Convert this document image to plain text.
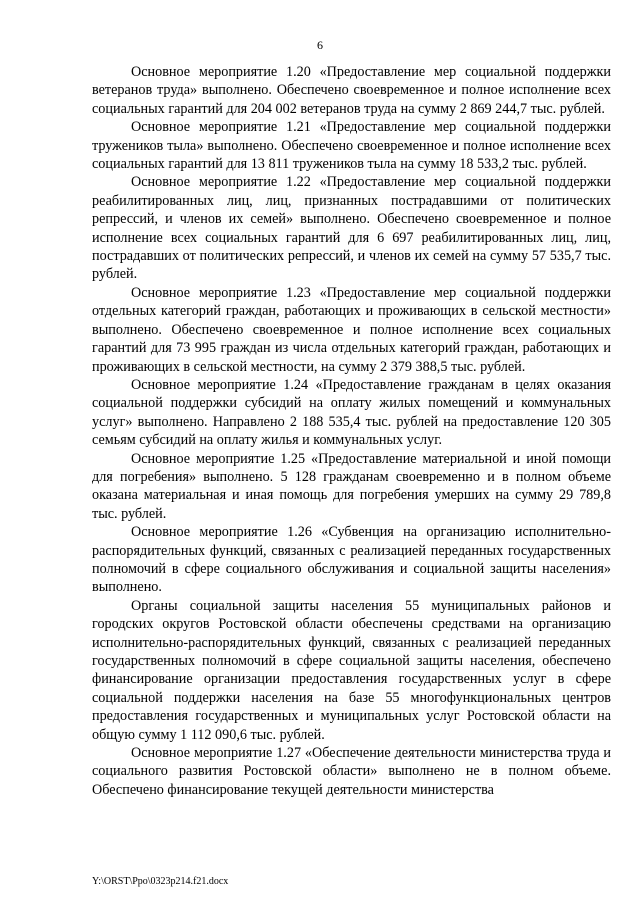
6

Основное мероприятие 1.20 «Предоставление мер социальной поддержки ветеранов труда» выполнено. Обеспечено своевременное и полное исполнение всех социальных гарантий для 204 002 ветеранов труда на сумму 2 869 244,7 тыс. рублей.

Основное мероприятие 1.21 «Предоставление мер социальной поддержки тружеников тыла» выполнено. Обеспечено своевременное и полное исполнение всех социальных гарантий для 13 811 тружеников тыла на сумму 18 533,2 тыс. рублей.

Основное мероприятие 1.22 «Предоставление мер социальной поддержки реабилитированных лиц, лиц, признанных пострадавшими от политических репрессий, и членов их семей» выполнено. Обеспечено своевременное и полное исполнение всех социальных гарантий для 6 697 реабилитированных лиц, лиц, пострадавших от политических репрессий, и членов их семей на сумму 57 535,7 тыс. рублей.

Основное мероприятие 1.23 «Предоставление мер социальной поддержки отдельных категорий граждан, работающих и проживающих в сельской местности» выполнено. Обеспечено своевременное и полное исполнение всех социальных гарантий для 73 995 граждан из числа отдельных категорий граждан, работающих и проживающих в сельской местности, на сумму 2 379 388,5 тыс. рублей.

Основное мероприятие 1.24 «Предоставление гражданам в целях оказания социальной поддержки субсидий на оплату жилых помещений и коммунальных услуг» выполнено. Направлено 2 188 535,4 тыс. рублей на предоставление 120 305 семьям субсидий на оплату жилья и коммунальных услуг.

Основное мероприятие 1.25 «Предоставление материальной и иной помощи для погребения» выполнено. 5 128 гражданам своевременно и в полном объеме оказана материальная и иная помощь для погребения умерших на сумму 29 789,8 тыс. рублей.

Основное мероприятие 1.26 «Субвенция на организацию исполнительно-распорядительных функций, связанных с реализацией переданных государственных полномочий в сфере социального обслуживания и социальной защиты населения» выполнено.

Органы социальной защиты населения 55 муниципальных районов и городских округов Ростовской области обеспечены средствами на организацию исполнительно-распорядительных функций, связанных с реализацией переданных государственных полномочий в сфере социальной защиты населения, обеспечено финансирование организации предоставления государственных услуг в сфере социальной поддержки населения на базе 55 многофункциональных центров предоставления государственных и муниципальных услуг Ростовской области на общую сумму 1 112 090,6 тыс. рублей.

Основное мероприятие 1.27 «Обеспечение деятельности министерства труда и социального развития Ростовской области» выполнено не в полном объеме. Обеспечено финансирование текущей деятельности министерства

Y:\ORST\Ppo\0323p214.f21.docx
